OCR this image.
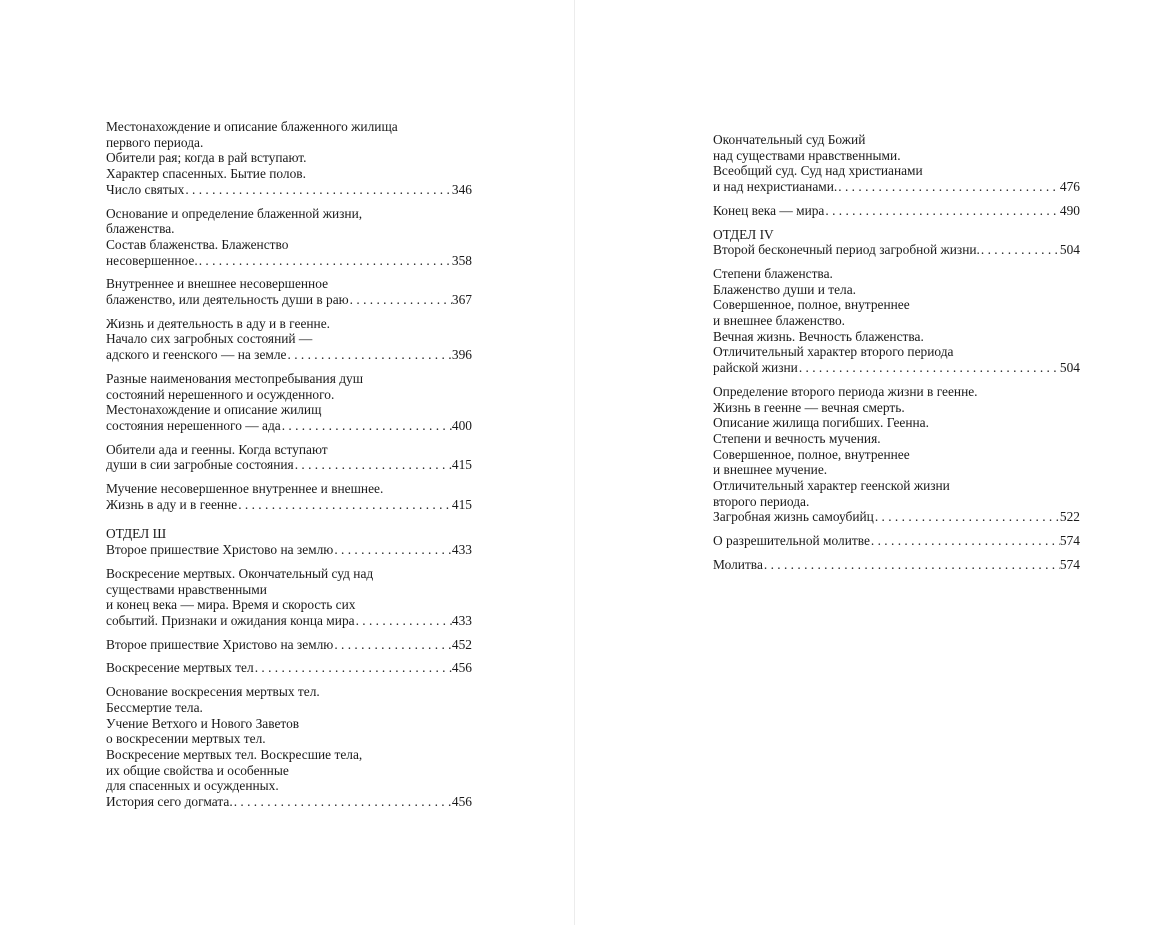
Местонахождение и описание блаженного жилища
первого периода.
Обители рая; когда в рай вступают.
Характер спасенных. Бытие полов.
Число святых . . .	346
Основание и определение блаженной жизни,
блаженства.
Состав блаженства. Блаженство
несовершенное. . . .	358
Внутреннее и внешнее несовершенное
блаженство, или деятельность души в раю . . .	367
Жизнь и деятельность в аду и в геенне.
Начало сих загробных состояний —
адского и геенского — на земле . . .	396
Разные наименования местопребывания душ
состояний нерешенного и осужденного.
Местонахождение и описание жилищ
состояния нерешенного — ада . . .	400
Обители ада и геенны. Когда вступают
души в сии загробные состояния . . .	415
Мучение несовершенное внутреннее и внешнее.
Жизнь в аду и в геенне . . .	415
ОТДЕЛ Ш
Второе пришествие Христово на землю . . .	433
Воскресение мертвых. Окончательный суд над
существами нравственными
и конец века — мира. Время и скорость сих
событий. Признаки и ожидания конца мира . . .	433
Второе пришествие Христово на землю . . .	452
Воскресение мертвых тел . . .	456
Основание воскресения мертвых тел.
Бессмертие тела.
Учение Ветхого и Нового Заветов
о воскресении мертвых тел.
Воскресение мертвых тел. Воскресшие тела,
их общие свойства и особенные
для спасенных и осужденных.
История сего догмата. . . .	456
Окончательный суд Божий
над существами нравственными.
Всеобщий суд. Суд над христианами
и над нехристианами. . . .	476
Конец века — мира . . .	490
ОТДЕЛ IV
Второй бесконечный период загробной жизни. . . .	504
Степени блаженства.
Блаженство души и тела.
Совершенное, полное, внутреннее
и внешнее блаженство.
Вечная жизнь. Вечность блаженства.
Отличительный характер второго периода
райской жизни . . .	504
Определение второго периода жизни в геенне.
Жизнь в геенне — вечная смерть.
Описание жилища погибших. Геенна.
Степени и вечность мучения.
Совершенное, полное, внутреннее
и внешнее мучение.
Отличительный характер геенской жизни
второго периода.
Загробная жизнь самоубийц . . .	522
О разрешительной молитве . . .	574
Молитва . . .	574
